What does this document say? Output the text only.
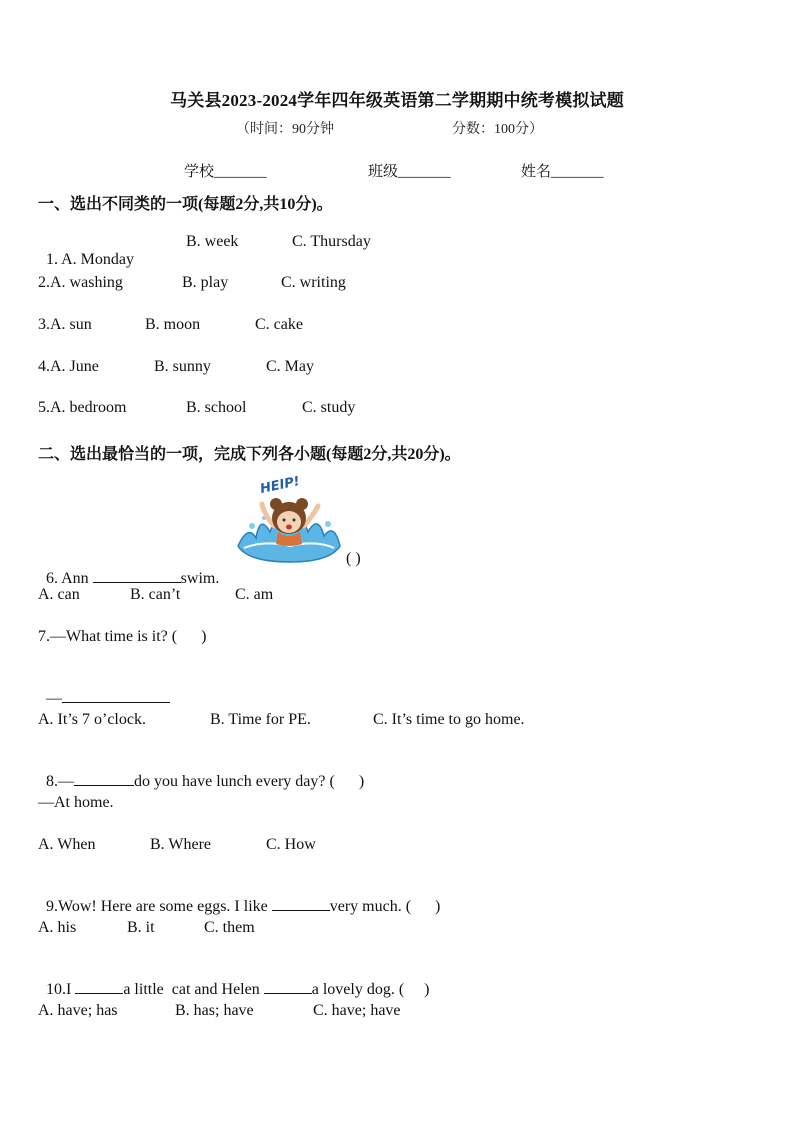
马关县2023-2024学年四年级英语第二学期期中统考模拟试题
（时间：90分钟	分数：100分）
学校_______	班级_______	姓名_______
一、选出不同类的一项(每题2分,共10分)。

1. A. Monday

B. week	C. Thursday
2.A. washing	B. play	C. writing
3.A. sun	B. moon	C. cake
4.A. June	B. sunny	C. May
5.A. bedroom	B. school	C. study
二、选出最恰当的一项，完成下列各小题(每题2分,共20分)。
HEIP!

6. Ann	swim.

( )
A. can	B. can’t	C. am
7.—What time is it? (      )

—

A. It’s 7 o’clock.	B. Time for PE.	C. It’s time to go home.

8.—	do you have lunch every day? (      )

—At home.
A. When	B. Where	C. How

9.Wow! Here are some eggs. I like	very much. (      )

A. his	B. it	C. them

10.I	a little  cat and Helen	a lovely dog. (     )

A. have; has	B. has; have	C. have; have
